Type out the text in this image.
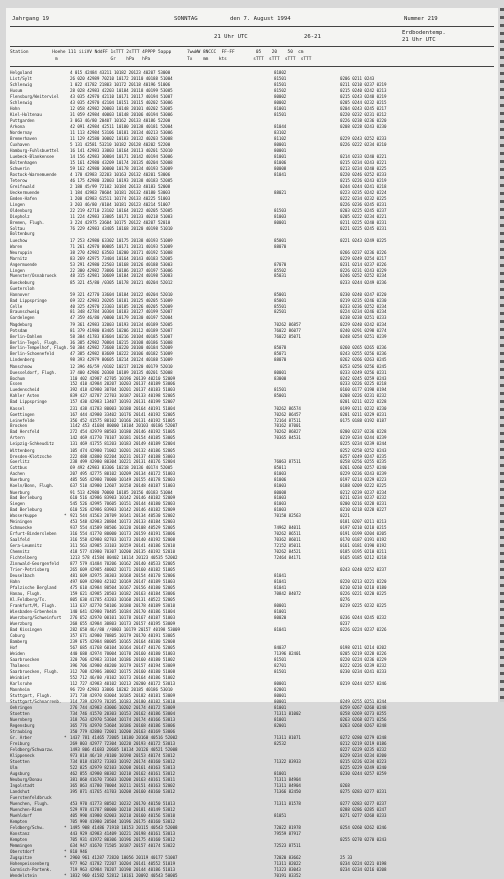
Jahrgang 19	SONNTAG	den 7. August 1994	Nummer 219
21 Uhr UTC	26-21
Erdbodentemp.
21 Uhr UTC
Station         Hoehe 111 iiiVV NddFF 1sTTT 2sTTT 4PPPP 5appp      7wwWW 8NCCC  FF-FF        05    20    50  cm
m                    Gr    hPa   hPa              Tx    mm    kts          sTTT  sTTT  sTTT  sTTT
Helgoland	4 015 42484 43211 10182 20123 40207 53000	81802
List/Sylt	26 020 42989 70210 10172 20110 40188 51004	81501	0206 0211 0243
Schleswig	1 022 41782 21803 10172 20118 40196 51006	81501	0211 0210 0237 0219
Husum	28 028 42983 42203 10184 20118 40199 53005	81502	0215 0240 0242 0213
Flensburg/Weiterviel	43 035 42970 42110 10171 20117 40194 51007	80002	0215 0243 0248 0219
Schleswig	43 035 42970 42104 10151 20115 40202 53006	80002	0205 0244 0232 0215
Hohn	12 058 42982 20003 10148 20101 40202 53005	81001	0204 0243 0245 0217
Kiel-Holtenau	31 059 42984 40003 10148 20106 40194 53006	81501	0220 0232 0231 0212
Puttgarden	3 063 46/80 20407 10162 20133 40186 52200	0226 0238 0236 0220
Arkona	42 091 42984 42511 10180 20138 40181 52004	81044	0208 0228 0243 0230
Nordernay	11 113 42984 53106 10181 20134 40213 53006	83102
Bremerhaven	11 129 42580 30002 10183 20132 40203 53008	81102	0229 0243 0252 0233
Cuxhaven	5 131 42581 53210 10182 20128 40202 52200	80001	0226 0222 0234 0210
Hamburg-Fuhlsbuettel	16 141 42983 33003 10164 20113 40201 52010	80001
Luebeck-Blankensee	14 156 42983 30004 10171 20142 40194 53006	81001	0214 0233 0240 0221
Boltenhagen	15 161 42980 43209 10174 20135 40204 52008	81006	0215 0234 0243 0221
Schwerin	59 162 42980 30000 10178 20134 40193 53009	80008	0213 0234 0240 0225
Rostock-Warnemuende	4 170 42983 32203 10163 20132 40201 53006	81041	0220 0246 0252 0233
Teterow	46 175 42980 32003 10193 20138 40183 52005	0215 0226 0243 0219
Greifswald	2 180 45/99 72102 10184 20133 40183 52008	0244 0244 0241 0218
Ueckermuende	1 184 42983 70604 10181 20132 40180 53003	88021	0223 0235 0242 0224
Emden-Hafen	1 200 42983 61511 10174 20133 40225 51003	0222 0234 0232 0225
Lingen	3 203 46/80 /0104 10181 20123 40214 51007	0226 0236 0245 0231
Oldenburg	22 219 42710 23102 10164 20122 40205 52005	81503	0203 0225 0245 0237
Diepholz	11 224 42983 33005 10171 20133 40218 51003	81003	0205 0222 0234 0221
Bremen, Flugh.	3 224 42975 23604 10175 20122 40207 52010	80001	0211 0225 0240 0231
Soltau	76 229 42983 43405 10168 20120 40198 51010	0221 0225 0245 0231
Boltenburg
Luechow	17 253 42980 63302 10175 20138 40193 51009	85001	0221 0243 0249 0225
Waren	71 261 42970 80005 10171 20131 40193 51009	88070
Neuruppin	38 270 42982 63503 10200 20171 40192 51008	0266 0237 0236 0226
Marnitz	83 269 42975 73404 10164 20143 40183 52005	0229 0249 0254 0217
Angermuende	53 291 42980 22503 10168 20126 40188 53003	87070	0231 0214 0237 0226
Lingen	22 300 42982 73006 10186 20137 40197 53006	85502	0226 0231 0243 0229
Muenster/Osnabrueck	48 315 42981 10609 10184 20124 40198 53003	85031	0246 0252 0252 0234
Bueckeburg	85 321 45/80 /0305 10178 20121 40204 52012	0233 0244 0249 0236
Guetersloh
Hannover	59 321 42770 33604 10184 20122 40204 52010	85001	0230 0240 0247 0220
Bad Lippspringe	69 322 42983 20205 10181 20125 40205 51009	85001	0219 0235 0246 0230
Celle	40 325 42970 23303 10185 20126 40205 52009	85501	0233 0236 0252 0234
Braunschweig	81 348 42784 30304 10183 20127 40199 52007	82501	0224 0234 0246 0234
Gardelegen	47 359 46/80 /0000 10179 20130 40197 52004	0238 0238 0251 0233
Magdeburg	79 361 42983 32003 10193 20134 40189 52005	70262 86857	0229 0240 0242 0234
Potsdam	81 379 41980 83405 10206 20112 40189 52007	76022 86077	0240 0291 0298 0274
Berlin-Dahlem	58 384 41783 83604 10216 20104 40185 51007	76022 85071	0248 0254 0251 0239
Berlin-Tegel, Flugh.	36 385 42982 70804 10215 20108 40186 51008
Berlin-Tempelhof, Flugh. 50 384 42982 73608 10220 20100 40184 52009	85078	0260 0265 0265 0236
Berlin-Schoenefeld	47 385 42982 83609 10222 20106 40182 51009	85071	0243 0255 0256 0236
Lindenberg	98 393 42979 80605 10214 20124 40188 51009	88070	0262 0266 0263 0245
Manschnow	12 396 46/59 /0102 10217 20120 40179 52010	0253 0256 0256 0245
Duesseldorf, Flugh.	37 400 42986 20308 10189 20135 40201 52008	80001	0233 0249 0256 0231
Bochum	110 402 42987 42705 10196 20139 40210 52009	83000	0242 0245 0259 0243
Essen	152 410 42984 20207 10203 20137 40189 53006	0233 0226 0225 0218
Luedenscheid	392 418 42980 30704 10201 20137 40183 51003	81501	0160 0177 0198 0194
Kahler Asten	839 427 42787 22703 10187 20133 40198 52005	85001	0208 0226 0231 0232
Bad Lippspringe	157 430 42983 13407 10193 20131 40199 52007	0201 0211 0222 0228
Kassel	231 438 41783 80003 10180 20164 40191 51004	70262 86574	0199 0211 0232 0230
Goettingen	167 444 42980 33402 10176 20141 40192 52005	70262 86457	0201 0211 0229 0231
Leinefelde	356 452 41575 80102 10166 20131 40192 51005	72164 87511	0175 0188 0192 0187
Brocken	1142 453 41684 80000 10104 20103 40186 52007	70162 87001
Bad Hersfeld	272 454 42979 80503 10180 20146 40192 51005	70262 86827	0200 0237 0236 0228
Artern	142 469 41770 70107 10181 20154 40185 53005	70365 84531	0219 0234 0244 0239
Leipzig-Schkeuditz	131 469 41755 81203 10183 20149 40189 52004	0225 0234 0239 0244
Wittenberg	105 474 42980 71002 10201 20132 40186 52005	0252 0258 0252 0243
Dresden-Klotzsche	222 488 42880 82204 10231 20137 40188 53003	0257 0249 0247 0235
Goerlitz	238 499 42980 80304 10221 20131 40176 52004	76063 87511	0258 0256 0255 0235
Cottbus	69 492 42983 83306 10218 20136 40174 52005	85011	0261 0260 0257 0240
Aachen	207 495 42775 80102 10209 20134 40172 51003	81003	0229 0236 0243 0239
Nuerburg	485 505 42980 70000 10149 20155 40178 52003	81006	0197 0214 0229 0223
Koeln/Bonn, Flugh.	637 510 42980 12607 10158 20148 40187 51003	81003	0188 0209 0222 0225
Nuerburg	91 513 42980 70000 10185 20156 40183 51004	80008	0212 0239 0237 0234
Bad Berleburg	610 516 42986 83903 10142 20146 40182 52009	81003	0211 0234 0237 0232
Siegen	545 526 42995 70605 10151 20144 40180 52003	81003	0200 0216 0228 0231
Bad Berleburg	610 526 42986 83903 10142 20146 40182 52009	81003	0210 0218 0228 0227
Wasserkuppe	* 921 544 41563 20709 10141 20134 40530 52002	70150 82563	0221
Meiningen	453 548 42983 20804 10173 20133 40184 52003	0181 0207 0211 0213
Schmuecke	937 554 41589 80506 10120 20108 40529 52005	74962 84011	0197 0210 0218 0215
Erfurt-Bindersleben	316 554 41770 80000 10173 20159 40191 53006	70262 86511	0191 0199 0204 0205
Saalfeld	316 558 42980 82703 10173 20140 40192 52008	70362 86011	0170 0187 0191 0192
Gera-Leumnitz	311 563 42985 33103 10159 20141 40186 52010	72152 85011	0161 0181 0190 0192
Chemnitz	418 577 41980 70307 10200 20135 40192 52010	70262 84521	0185 0195 0210 0211
Fichtelberg	1213 578 41584 80402 10114 20123 40535 52002	72464 84171	0165 0185 0212 0218
Zinnwald-Georgenfeld	877 579 41484 70206 10162 20140 40533 52005
Trier-Petrisberg	265 609 42985 40002 10171 20160 40182 51005	0243 0248 0252 0237
Deuselbach	481 609 42975 30303 10168 20154 40170 52006	81041
Hahn	497 609 42980 42102 10169 20147 40189 51003	81041	0220 0213 0221 0220
Pfalzische Bergland	475 610 42984 80504 10167 20156 40180 52005	81041	0210 0210 0218 0180
Hanau, Flugh.	159 621 42985 20503 10182 20163 40184 53006	70842 84072	0226 0221 0220 0225
Kl.Feldberg/Ts.	805 630 41785 43203 10160 20131 40522 52005	0276
Frankfurt/M, Flugh.	113 637 42770 50106 10180 20178 40189 53010	80001	0219 0225 0232 0225
Wiesbaden-Erbenheim	140 641 42980 70405 10184 20170 40186 51004	81001
Wuerzburg/Schweinfurt	276 652 42970 00101 10178 20167 40187 51003	80020	0236 0244 0245 0232
Wuerzburg	268 655 42984 30803 10173 20157 40195 53009	0237
Bad Kissingen	282 658 46//80 //0803 10179 20157 40198 53009	81041	0226 0224 0237 0226
Coburg	357 671 42980 70805 10179 20170 40191 53005
Bamberg	239 675 42984 80005 10165 20164 40180 52008
Hof	567 685 41768 60104 10164 20147 40176 52005	84037	0198 0211 0214 0202
Weiden	440 688 42974 70004 10170 20160 40180 51003	71396 82401	0205 0219 0228 0226
Saarbruecken	320 706 42983 33104 10186 20160 40180 51002	81501	0220 0224 0236 0229
Thalmess	396 706 42980 40200 10179 20157 40194 53009	82701	0222 0226 0239 0232
Saarbruecken, Flugh.	312 708 42986 30002 10175 20160 40180 51008	81501	0230 0234 0241 0233
Weinbiet	552 712 46/80 /0102 10173 20164 40186 51002
Karlsruhe	112 727 42983 40102 10213 20200 40172 53013	80001	0219 0244 0257 0246
Mannheim	96 729 42983 33006 10202 20185 40186 53010	82001
Stuttgart, Flugh.	371 738 42970 83004 10185 20182 40181 53009	80001
Stuttgart/Schnarrenb.	314 739 42979 70205 10183 20180 40182 53010	80001	0249 0255 0251 0244
Oehringen	276 744 42983 43006 10202 20174 40172 53009	81001	0259 0267 0268 0248
Stoetten	734 746 41570 20303 10153 20162 40186 53004	71311 81002	0258 0269 0273 0255
Nuernberg	318 763 42970 53604 10174 20174 40166 53013	81001	0263 0268 0271 0256
Regensburg	365 776 42970 53604 10186 20168 40186 53006	82001	0263 0268 0267 0248
Straubing	350 779 42880 72001 10200 20163 40169 53006
Gr. Arber	* 1437 781 41465 72005 10180 20160 40516 52002	71311 81071	0272 0280 0279 0248
Freiburg	269 803 42977 72304 10220 20193 40172 53013	82532	0212 0219 0219 0186
Feldberg/Schwarzw.	1493 806 41683 20605 10134 20126 40521 52008	0227 0229 0235 0232
Klippeneck	973 818 46/18 /0100 10190 20153 40174 53012	0229 0234 0234 0200
Stoetten	734 818 41872 73303 10192 20174 40160 53012	71322 83933	0215 0226 0234 0223
Ulm	522 825 42979 82103 10208 20161 40163 53013	0225 0229 0249 0240
Augsburg	462 855 42980 80302 10210 20162 40161 53012	81001	0230 0244 0257 0259
Neuburg/Donau	381 860 41670 73603 10200 20163 40161 53011	71311 84904
Ingolstadt	365 863 41780 70004 10211 20151 40163 52002	71311 84904	0268
Landshut	395 871 41765 41703 10208 20160 40160 53012	71366 82450	0275 0283 0277 0231
Fuerstenfeldbruck
Muenchen, Flugh.	453 970 41773 80502 10232 20170 40150 51013	71311 81578	0277 0283 0277 0237
Muenchen-Riem	529 978 41787 80000 10210 20181 40149 53012	0288 0286 0285 0247
Muehldorf	405 990 41980 82003 10210 20160 40156 53010	81051	0271 0277 0268 0233
Kempten	705 998 41980 20504 10196 20175 40160 53012
Feldberg/Schw.	* 1495 908 41486 71918 10153 20115 40543 52008	72022 81978	0254 0260 0262 0246
Konstanz	443 929 42983 41409 10221 20198 40161 53013	79559 87917
Kempten	705 931 41972 80306 10196 20175 40160 53012	0255 0270 0270 0243
Memmingen	634 947 41670 71505 10187 20157 40174 53022	72523 87511
Oberstdorf	* 810 946
Zugspitze	* 2960 961 41287 72820 10056 20119 40177 51007	72020 83662	25 33
Hohenpeissenberg	977 962 41782 72207 10204 20141 40552 51019	71311 82022	0234 0224 0221 0198
Garmisch-Partenk.	719 963 42984 70207 10190 20144 40186 51013	71323 83043	0234 0234 0216 0208
Wendelstein	* 1832 960 41582 52812 10161 20092 40543 50005	70191 83352
